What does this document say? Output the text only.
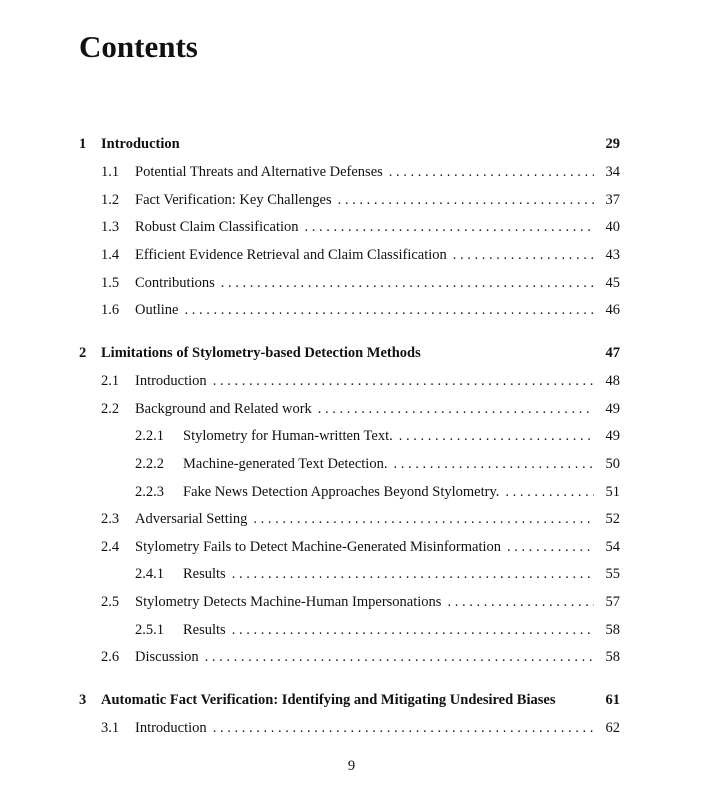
Contents
1	Introduction	29
1.1	Potential Threats and Alternative Defenses . . .	34
1.2	Fact Verification: Key Challenges . . .	37
1.3	Robust Claim Classification . . .	40
1.4	Efficient Evidence Retrieval and Claim Classification . . .	43
1.5	Contributions . . .	45
1.6	Outline . . .	46
2	Limitations of Stylometry-based Detection Methods	47
2.1	Introduction . . .	48
2.2	Background and Related work . . .	49
2.2.1	Stylometry for Human-written Text. . . .	49
2.2.2	Machine-generated Text Detection. . . .	50
2.2.3	Fake News Detection Approaches Beyond Stylometry. . . .	51
2.3	Adversarial Setting . . .	52
2.4	Stylometry Fails to Detect Machine-Generated Misinformation . . .	54
2.4.1	Results . . .	55
2.5	Stylometry Detects Machine-Human Impersonations . . .	57
2.5.1	Results . . .	58
2.6	Discussion . . .	58
3	Automatic Fact Verification: Identifying and Mitigating Undesired Biases	61
3.1	Introduction . . .	62
9
